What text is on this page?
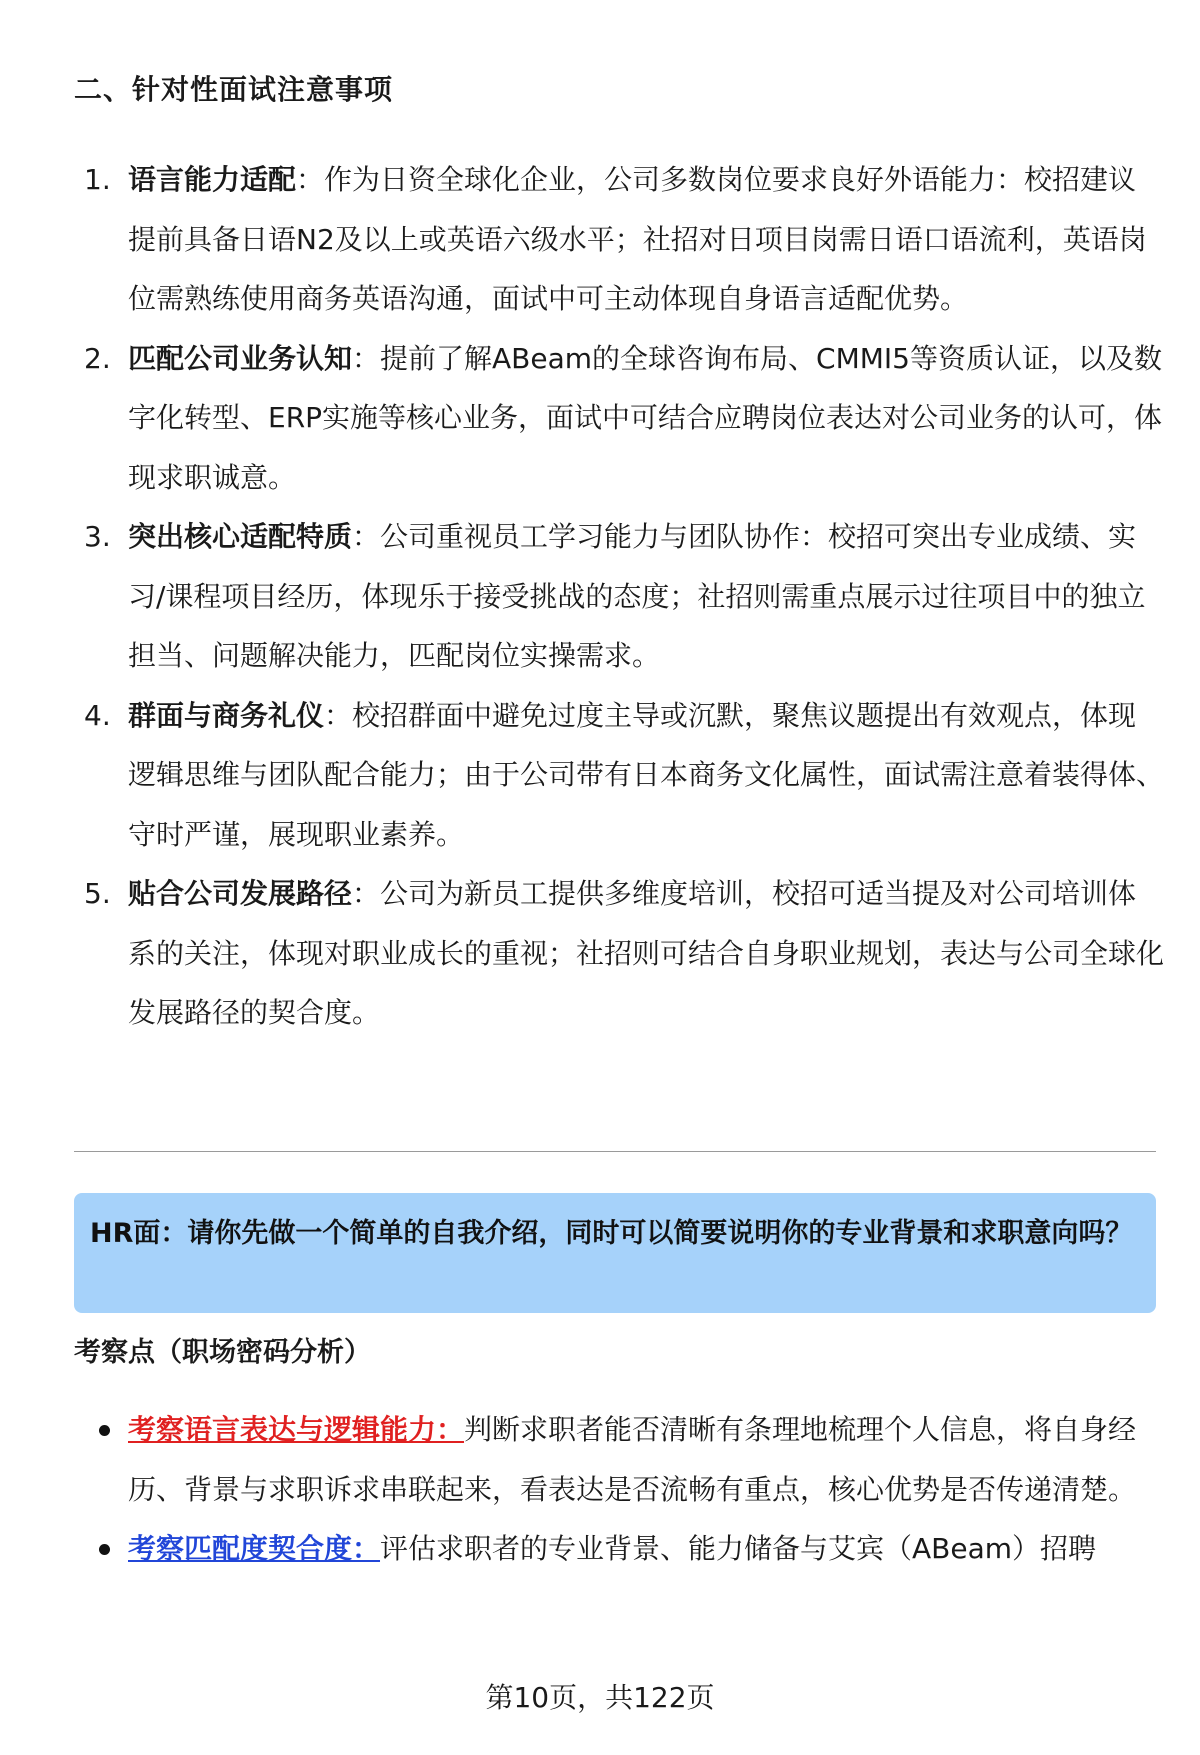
二、针对性面试注意事项
1. 语言能力适配：作为日资全球化企业，公司多数岗位要求良好外语能力：校招建议提前具备日语N2及以上或英语六级水平；社招对日项目岗需日语口语流利，英语岗位需熟练使用商务英语沟通，面试中可主动体现自身语言适配优势。
2. 匹配公司业务认知：提前了解ABeam的全球咨询布局、CMMI5等资质认证，以及数字化转型、ERP实施等核心业务，面试中可结合应聘岗位表达对公司业务的认可，体现求职诚意。
3. 突出核心适配特质：公司重视员工学习能力与团队协作：校招可突出专业成绩、实习/课程项目经历，体现乐于接受挑战的态度；社招则需重点展示过往项目中的独立担当、问题解决能力，匹配岗位实操需求。
4. 群面与商务礼仪：校招群面中避免过度主导或沉默，聚焦议题提出有效观点，体现逻辑思维与团队配合能力；由于公司带有日本商务文化属性，面试需注意着装得体、守时严谨，展现职业素养。
5. 贴合公司发展路径：公司为新员工提供多维度培训，校招可适当提及对公司培训体系的关注，体现对职业成长的重视；社招则可结合自身职业规划，表达与公司全球化发展路径的契合度。
HR面：请你先做一个简单的自我介绍，同时可以简要说明你的专业背景和求职意向吗？
考察点（职场密码分析）
考察语言表达与逻辑能力：判断求职者能否清晰有条理地梳理个人信息，将自身经历、背景与求职诉求串联起来，看表达是否流畅有重点，核心优势是否传递清楚。
考察匹配度契合度：评估求职者的专业背景、能力储备与艾宾（ABeam）招聘
第10页，共122页
